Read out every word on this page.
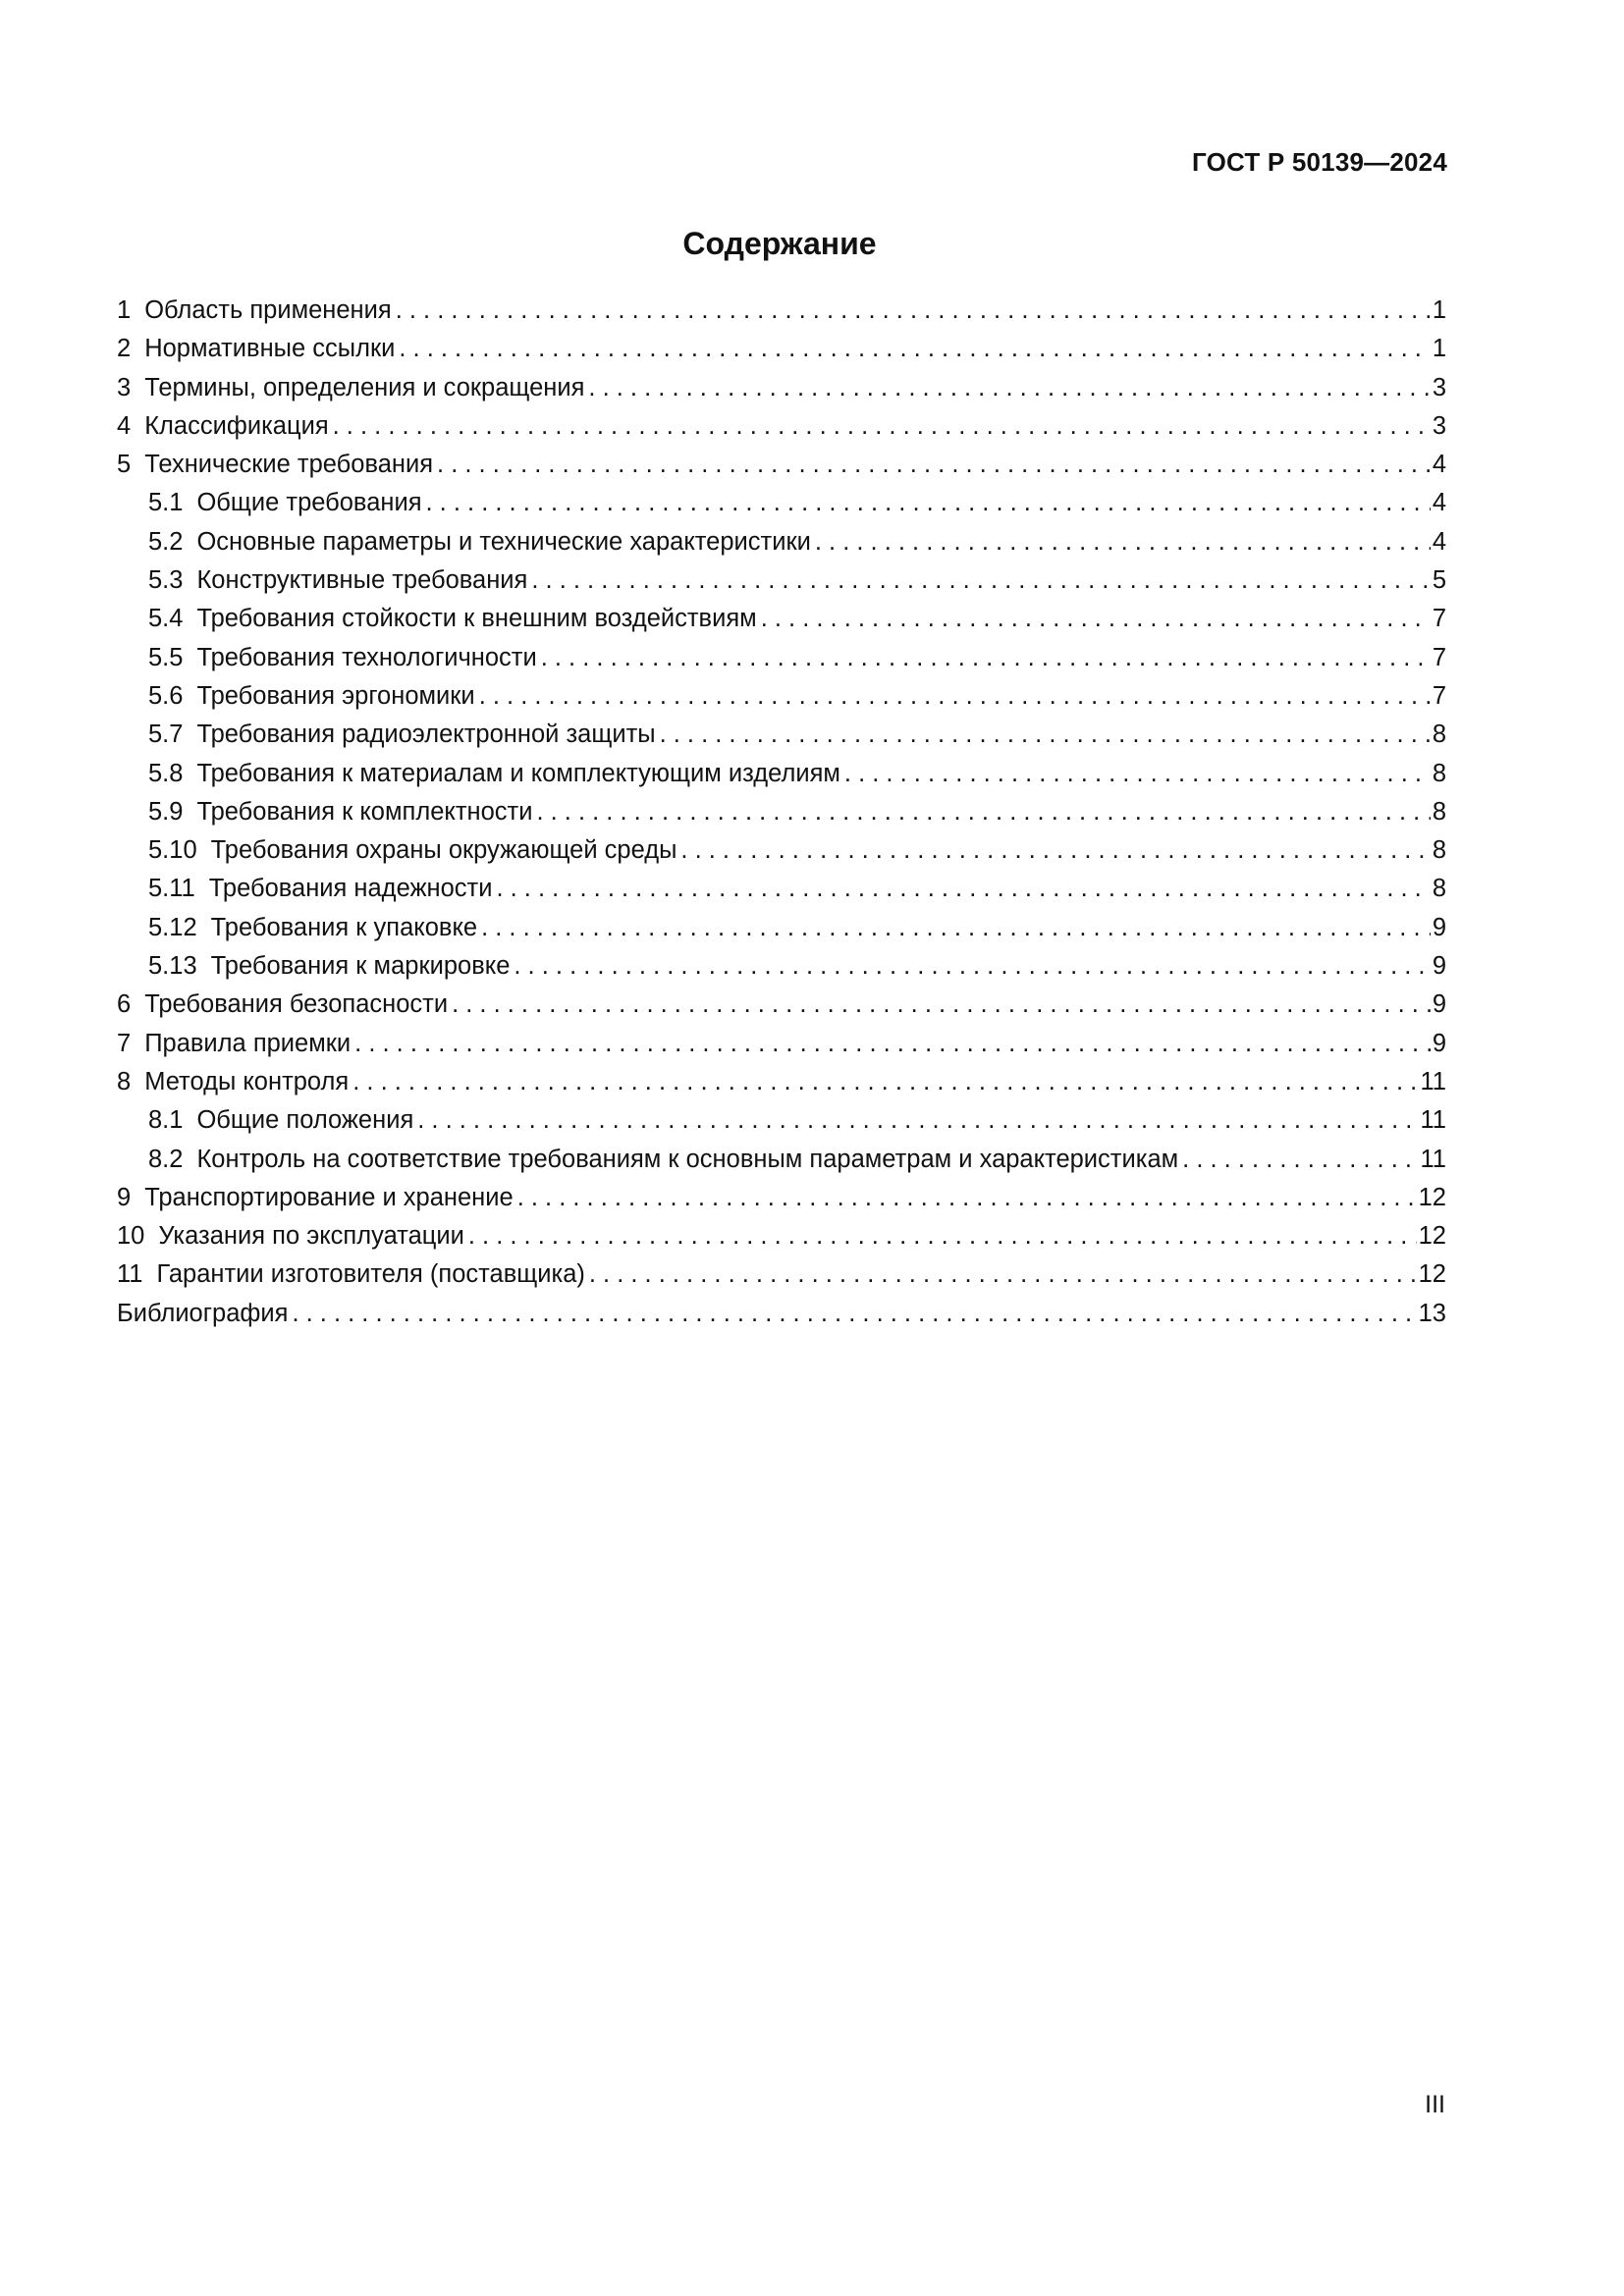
ГОСТ Р 50139—2024
Содержание
1 Область применения . . .	1
2 Нормативные ссылки . . .	1
3 Термины, определения и сокращения . . .	3
4 Классификация . . .	3
5 Технические требования . . .	4
5.1 Общие требования . . .	4
5.2 Основные параметры и технические характеристики . . .	4
5.3 Конструктивные требования . . .	5
5.4 Требования стойкости к внешним воздействиям . . .	7
5.5 Требования технологичности . . .	7
5.6 Требования эргономики . . .	7
5.7 Требования радиоэлектронной защиты . . .	8
5.8 Требования к материалам и комплектующим изделиям . . .	8
5.9 Требования к комплектности . . .	8
5.10 Требования охраны окружающей среды . . .	8
5.11 Требования надежности . . .	8
5.12 Требования к упаковке . . .	9
5.13 Требования к маркировке . . .	9
6 Требования безопасности . . .	9
7 Правила приемки . . .	9
8 Методы контроля . . .	11
8.1 Общие положения . . .	11
8.2 Контроль на соответствие требованиям к основным параметрам и характеристикам . . .	11
9 Транспортирование и хранение . . .	12
10 Указания по эксплуатации . . .	12
11 Гарантии изготовителя (поставщика) . . .	12
Библиография . . .	13
III
